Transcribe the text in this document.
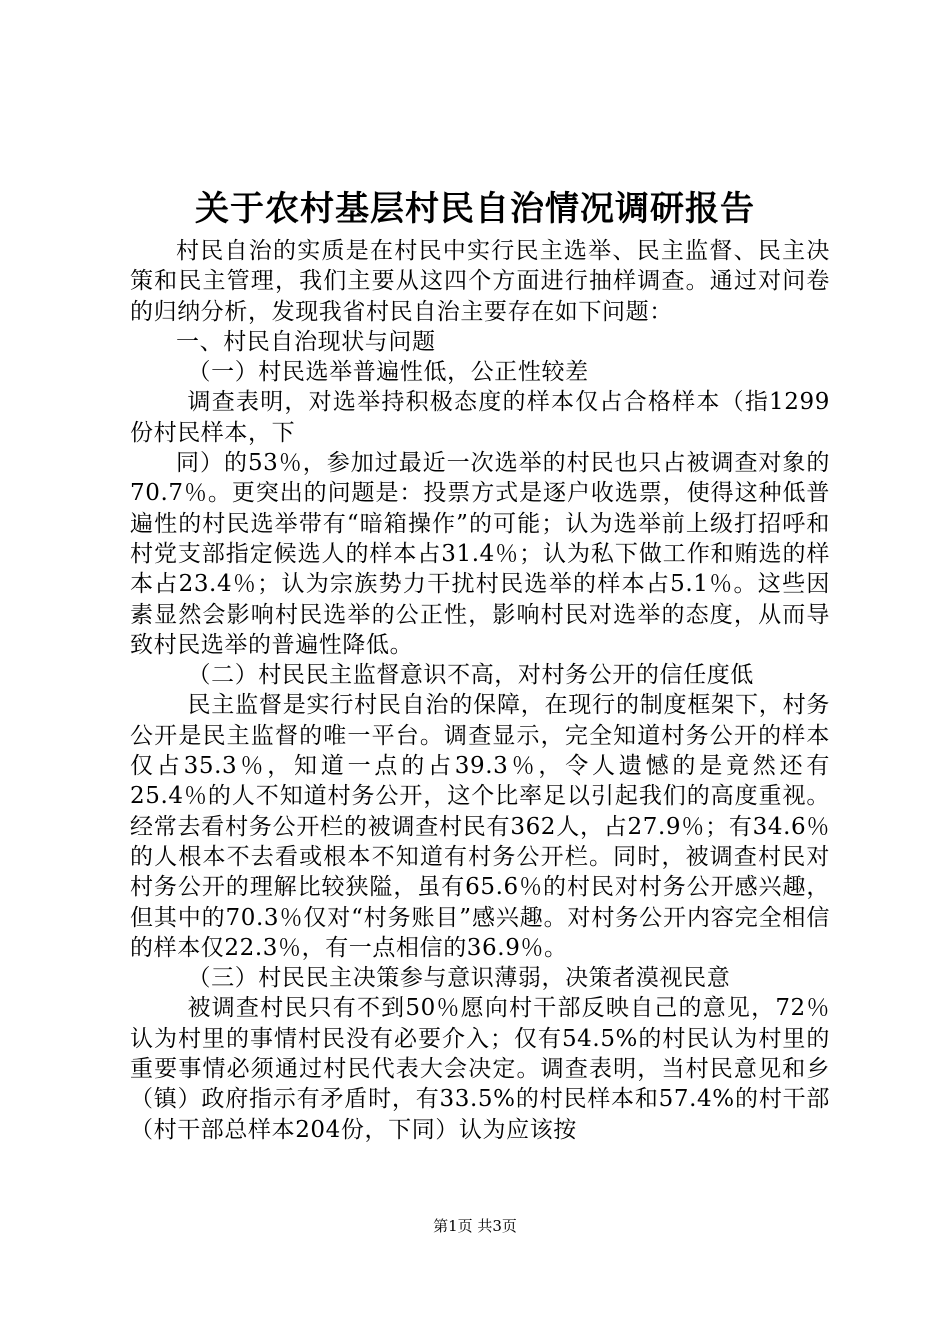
关于农村基层村民自治情况调研报告

村民自治的实质是在村民中实行民主选举、民主监督、民主决策和民主管理，我们主要从这四个方面进行抽样调查。通过对问卷的归纳分析，发现我省村民自治主要存在如下问题：

一、村民自治现状与问题

（一）村民选举普遍性低，公正性较差

调查表明，对选举持积极态度的样本仅占合格样本（指1299份村民样本，下

同）的53％，参加过最近一次选举的村民也只占被调查对象的70.7％。更突出的问题是：投票方式是逐户收选票，使得这种低普遍性的村民选举带有“暗箱操作”的可能；认为选举前上级打招呼和村党支部指定候选人的样本占31.4％；认为私下做工作和贿选的样本占23.4％；认为宗族势力干扰村民选举的样本占5.1％。这些因素显然会影响村民选举的公正性，影响村民对选举的态度，从而导致村民选举的普遍性降低。

（二）村民民主监督意识不高，对村务公开的信任度低

民主监督是实行村民自治的保障，在现行的制度框架下，村务公开是民主监督的唯一平台。调查显示，完全知道村务公开的样本仅占35.3％，知道一点的占39.3％，令人遗憾的是竟然还有25.4％的人不知道村务公开，这个比率足以引起我们的高度重视。经常去看村务公开栏的被调查村民有362人，占27.9％；有34.6％的人根本不去看或根本不知道有村务公开栏。同时，被调查村民对村务公开的理解比较狭隘，虽有65.6％的村民对村务公开感兴趣，但其中的70.3％仅对“村务账目”感兴趣。对村务公开内容完全相信的样本仅22.3％，有一点相信的36.9％。

（三）村民民主决策参与意识薄弱，决策者漠视民意

被调查村民只有不到50％愿向村干部反映自己的意见，72％认为村里的事情村民没有必要介入；仅有54.5%的村民认为村里的重要事情必须通过村民代表大会决定。调查表明，当村民意见和乡（镇）政府指示有矛盾时，有33.5%的村民样本和57.4%的村干部（村干部总样本204份，下同）认为应该按

第1页 共3页
